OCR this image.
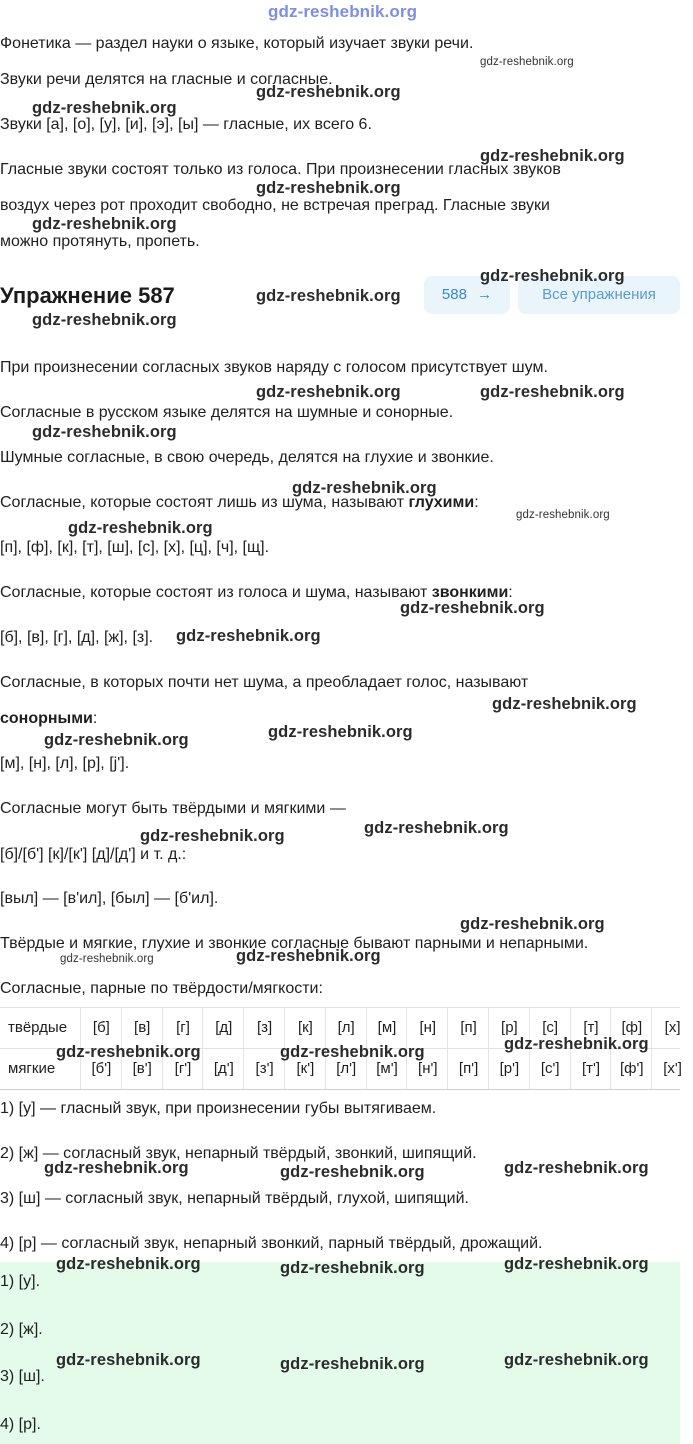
gdz-reshebnik.org
Фонетика — раздел науки о языке, который изучает звуки речи.
Звуки речи делятся на гласные и согласные.
Звуки [а], [о], [у], [и], [э], [ы] — гласные, их всего 6.
Гласные звуки состоят только из голоса. При произнесении гласных звуков
воздух через рот проходит свободно, не встречая преград. Гласные звуки
можно протянуть, пропеть.
Упражнение 587	588 →	Все упражнения
При произнесении согласных звуков наряду с голосом присутствует шум.
Согласные в русском языке делятся на шумные и сонорные.
Шумные согласные, в свою очередь, делятся на глухие и звонкие.
Согласные, которые состоят лишь из шума, называют глухими:
[п], [ф], [к], [т], [ш], [с], [х], [ц], [ч], [щ].
Согласные, которые состоят из голоса и шума, называют звонкими:
[б], [в], [г], [д], [ж], [з].
Согласные, в которых почти нет шума, а преобладает голос, называют
сонорными:
[м], [н], [л], [р], [j'].
Согласные могут быть твёрдыми и мягкими —
[б]/[б'] [к]/[к'] [д]/[д'] и т. д.:
[выл] — [в'ил], [был] — [б'ил].
Твёрдые и мягкие, глухие и звонкие согласные бывают парными и непарными.
Согласные, парные по твёрдости/мягкости:
твёрдые	[б]	[в]	[г]	[д]	[з]	[к]	[л]	[м]	[н]	[п]	[р]	[с]	[т]	[ф]	[х]
мягкие	[б']	[в']	[г']	[д']	[з']	[к']	[л']	[м']	[н']	[п']	[р']	[с']	[т']	[ф']	[х']
1) [у] — гласный звук, при произнесении губы вытягиваем.
2) [ж] — согласный звук, непарный твёрдый, звонкий, шипящий.
3) [ш] — согласный звук, непарный твёрдый, глухой, шипящий.
4) [р] — согласный звук, непарный звонкий, парный твёрдый, дрожащий.
1) [у].
2) [ж].
3) [ш].
4) [р].
gdz-reshebnik.org
gdz-reshebnik.org
gdz-reshebnik.org
gdz-reshebnik.org
gdz-reshebnik.org
gdz-reshebnik.org
gdz-reshebnik.org
gdz-reshebnik.org
gdz-reshebnik.org
gdz-reshebnik.org	gdz-reshebnik.org
gdz-reshebnik.org
gdz-reshebnik.org
gdz-reshebnik.org
gdz-reshebnik.org
gdz-reshebnik.org
gdz-reshebnik.org
gdz-reshebnik.org
gdz-reshebnik.org
gdz-reshebnik.org
gdz-reshebnik.org
gdz-reshebnik.org
gdz-reshebnik.org
gdz-reshebnik.org	gdz-reshebnik.org
gdz-reshebnik.org
gdz-reshebnik.org	gdz-reshebnik.org
gdz-reshebnik.org	gdz-reshebnik.org	gdz-reshebnik.org
gdz-reshebnik.org	gdz-reshebnik.org	gdz-reshebnik.org
gdz-reshebnik.org	gdz-reshebnik.org	gdz-reshebnik.org
